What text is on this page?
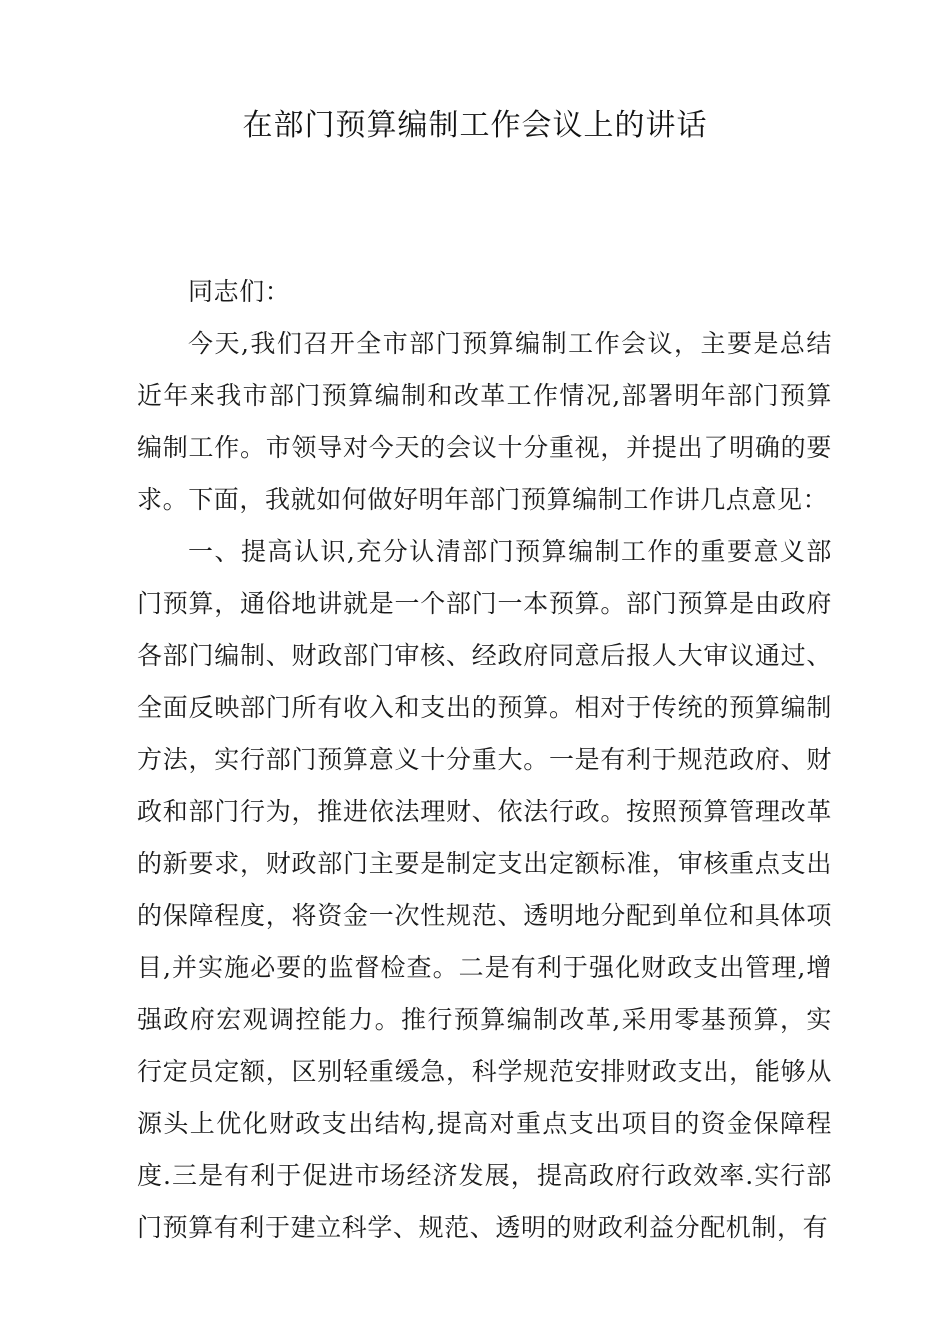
在部门预算编制工作会议上的讲话

同志们：

今天,我们召开全市部门预算编制工作会议，主要是总结近年来我市部门预算编制和改革工作情况,部署明年部门预算编制工作。市领导对今天的会议十分重视，并提出了明确的要求。下面，我就如何做好明年部门预算编制工作讲几点意见：

一、提高认识,充分认清部门预算编制工作的重要意义部门预算，通俗地讲就是一个部门一本预算。部门预算是由政府各部门编制、财政部门审核、经政府同意后报人大审议通过、全面反映部门所有收入和支出的预算。相对于传统的预算编制方法，实行部门预算意义十分重大。一是有利于规范政府、财政和部门行为，推进依法理财、依法行政。按照预算管理改革的新要求，财政部门主要是制定支出定额标准，审核重点支出的保障程度，将资金一次性规范、透明地分配到单位和具体项目,并实施必要的监督检查。二是有利于强化财政支出管理,增强政府宏观调控能力。推行预算编制改革,采用零基预算，实行定员定额，区别轻重缓急，科学规范安排财政支出，能够从源头上优化财政支出结构,提高对重点支出项目的资金保障程度.三是有利于促进市场经济发展，提高政府行政效率.实行部门预算有利于建立科学、规范、透明的财政利益分配机制，有
